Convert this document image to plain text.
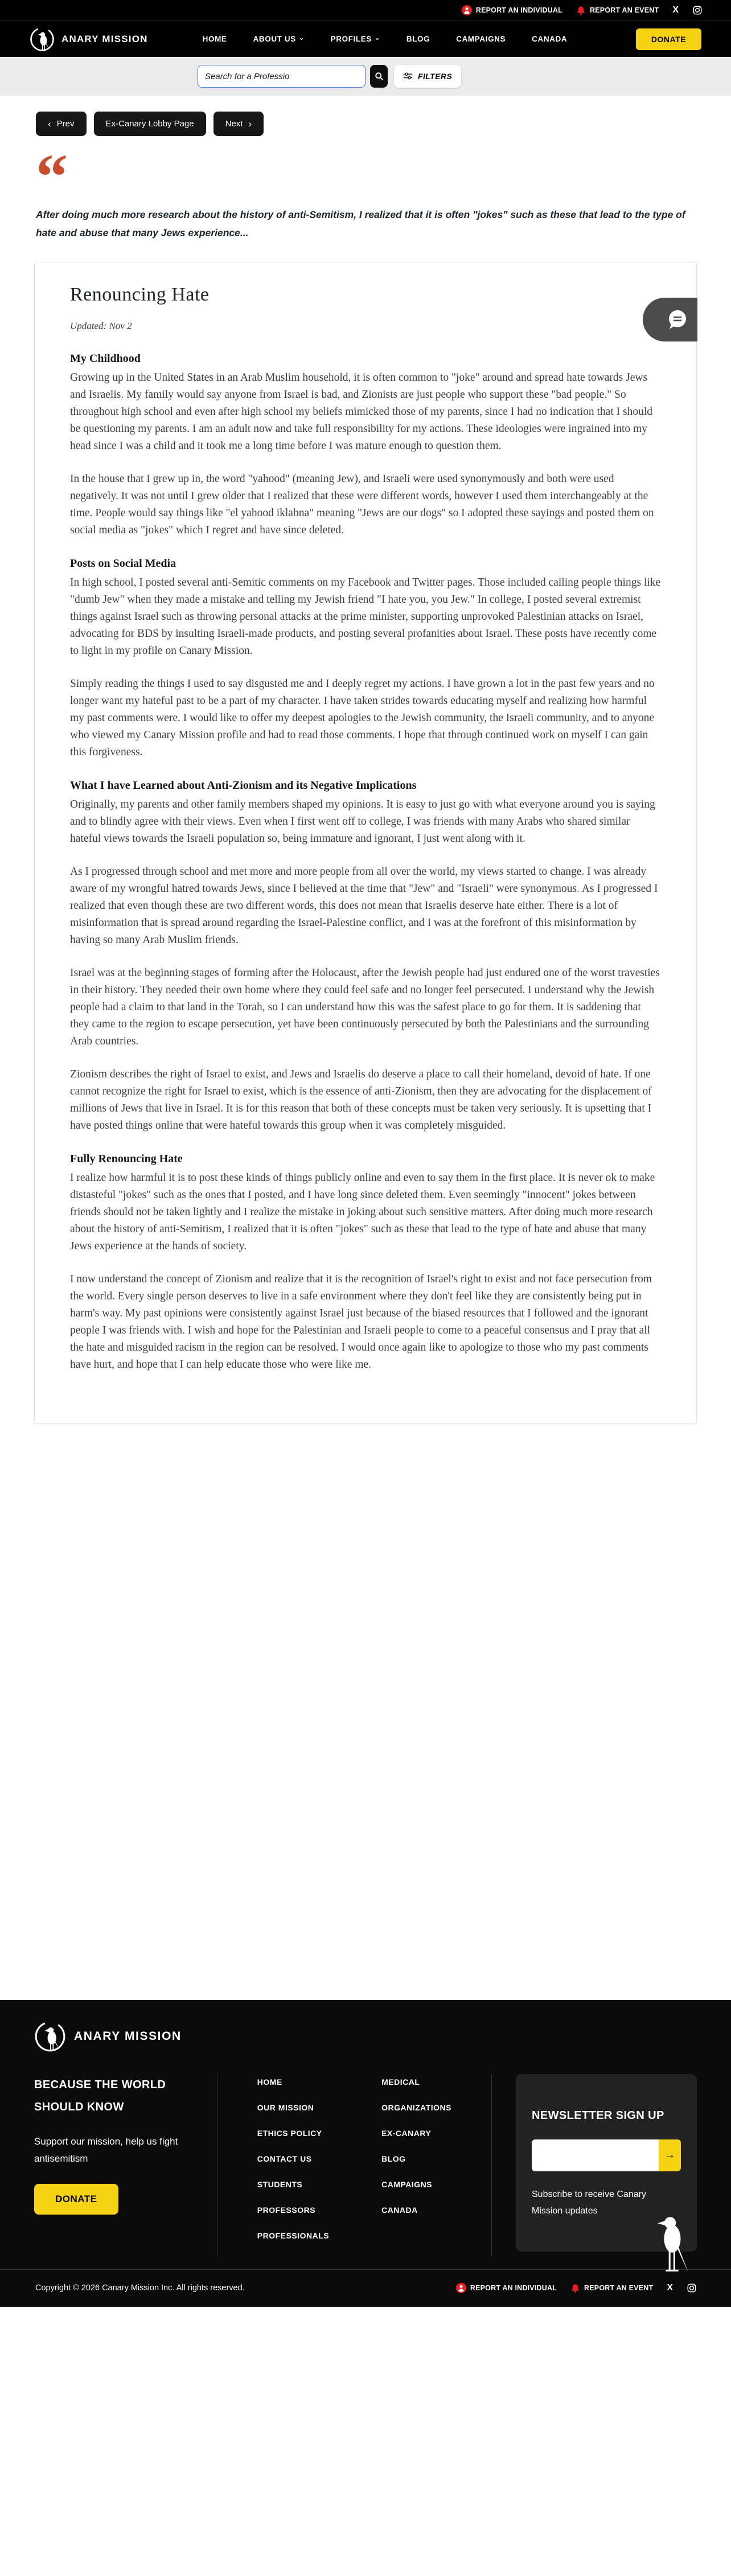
REPORT AN INDIVIDUAL	REPORT AN EVENT X
ANARY MISSION	HOME	ABOUT US ⌄	PROFILES ⌄	BLOG	CAMPAIGNS	CANADA	DONATE
Search for a Professio
FILTERS
‹ Prev	Ex-Canary Lobby Page	Next ›
“
After doing much more research about the history of anti-Semitism, I realized that it is often "jokes" such as these that lead to the type of hate and abuse that many Jews experience...
Renouncing Hate
Updated: Nov 2
My Childhood

Growing up in the United States in an Arab Muslim household, it is often common to "joke" around and spread hate towards Jews and Israelis. My family would say anyone from Israel is bad, and Zionists are just people who support these "bad people." So throughout high school and even after high school my beliefs mimicked those of my parents, since I had no indication that I should be questioning my parents. I am an adult now and take full responsibility for my actions. These ideologies were ingrained into my head since I was a child and it took me a long time before I was mature enough to question them.

In the house that I grew up in, the word "yahood" (meaning Jew), and Israeli were used synonymously and both were used negatively. It was not until I grew older that I realized that these were different words, however I used them interchangeably at the time. People would say things like "el yahood iklabna" meaning "Jews are our dogs" so I adopted these sayings and posted them on social media as "jokes" which I regret and have since deleted.

Posts on Social Media

In high school, I posted several anti-Semitic comments on my Facebook and Twitter pages. Those included calling people things like "dumb Jew" when they made a mistake and telling my Jewish friend "I hate you, you Jew." In college, I posted several extremist things against Israel such as throwing personal attacks at the prime minister, supporting unprovoked Palestinian attacks on Israel, advocating for BDS by insulting Israeli-made products, and posting several profanities about Israel. These posts have recently come to light in my profile on Canary Mission.

Simply reading the things I used to say disgusted me and I deeply regret my actions. I have grown a lot in the past few years and no longer want my hateful past to be a part of my character. I have taken strides towards educating myself and realizing how harmful my past comments were. I would like to offer my deepest apologies to the Jewish community, the Israeli community, and to anyone who viewed my Canary Mission profile and had to read those comments. I hope that through continued work on myself I can gain this forgiveness.

What I have Learned about Anti-Zionism and its Negative Implications

Originally, my parents and other family members shaped my opinions. It is easy to just go with what everyone around you is saying and to blindly agree with their views. Even when I first went off to college, I was friends with many Arabs who shared similar hateful views towards the Israeli population so, being immature and ignorant, I just went along with it.

As I progressed through school and met more and more people from all over the world, my views started to change. I was already aware of my wrongful hatred towards Jews, since I believed at the time that "Jew" and "Israeli" were synonymous. As I progressed I realized that even though these are two different words, this does not mean that Israelis deserve hate either. There is a lot of misinformation that is spread around regarding the Israel-Palestine conflict, and I was at the forefront of this misinformation by having so many Arab Muslim friends.

Israel was at the beginning stages of forming after the Holocaust, after the Jewish people had just endured one of the worst travesties in their history. They needed their own home where they could feel safe and no longer feel persecuted. I understand why the Jewish people had a claim to that land in the Torah, so I can understand how this was the safest place to go for them. It is saddening that they came to the region to escape persecution, yet have been continuously persecuted by both the Palestinians and the surrounding Arab countries.

Zionism describes the right of Israel to exist, and Jews and Israelis do deserve a place to call their homeland, devoid of hate. If one cannot recognize the right for Israel to exist, which is the essence of anti-Zionism, then they are advocating for the displacement of millions of Jews that live in Israel. It is for this reason that both of these concepts must be taken very seriously. It is upsetting that I have posted things online that were hateful towards this group when it was completely misguided.

Fully Renouncing Hate

I realize how harmful it is to post these kinds of things publicly online and even to say them in the first place. It is never ok to make distasteful "jokes" such as the ones that I posted, and I have long since deleted them. Even seemingly "innocent" jokes between friends should not be taken lightly and I realize the mistake in joking about such sensitive matters. After doing much more research about the history of anti-Semitism, I realized that it is often "jokes" such as these that lead to the type of hate and abuse that many Jews experience at the hands of society.

I now understand the concept of Zionism and realize that it is the recognition of Israel's right to exist and not face persecution from the world. Every single person deserves to live in a safe environment where they don't feel like they are consistently being put in harm's way. My past opinions were consistently against Israel just because of the biased resources that I followed and the ignorant people I was friends with. I wish and hope for the Palestinian and Israeli people to come to a peaceful consensus and I pray that all the hate and misguided racism in the region can be resolved. I would once again like to apologize to those who my past comments have hurt, and hope that I can help educate those who were like me.

ANARY MISSION
BECAUSE THE WORLD SHOULD KNOW
Support our mission, help us fight antisemitism
DONATE
HOME
OUR MISSION
ETHICS POLICY
CONTACT US
STUDENTS
PROFESSORS
PROFESSIONALS
MEDICAL
ORGANIZATIONS
EX-CANARY
BLOG
CAMPAIGNS
CANADA
NEWSLETTER SIGN UP
→
Subscribe to receive Canary Mission updates
Copyright © 2026 Canary Mission Inc. All rights reserved.	REPORT AN INDIVIDUAL	REPORT AN EVENT X
